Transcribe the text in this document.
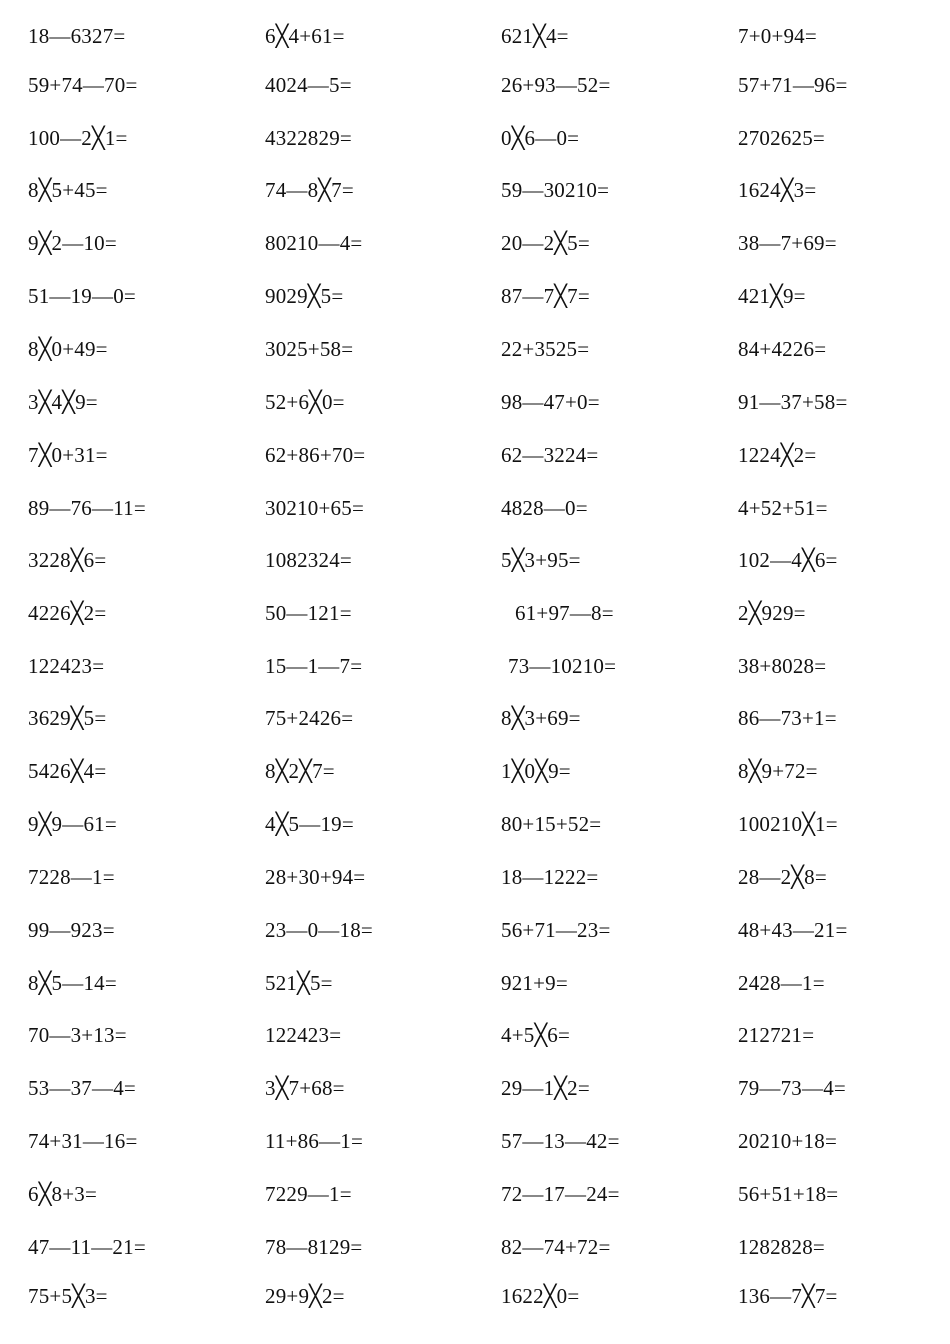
18—6327=	6╳4+61=	621╳4=	7+0+94=
59+74—70=	4024—5=	26+93—52=	57+71—96=
100—2╳1=	4322829=	0╳6—0=	2702625=
8╳5+45=	74—8╳7=	59—30210=	1624╳3=
9╳2—10=	80210—4=	20—2╳5=	38—7+69=
51—19—0=	9029╳5=	87—7╳7=	421╳9=
8╳0+49=	3025+58=	22+3525=	84+4226=
3╳4╳9=	52+6╳0=	98—47+0=	91—37+58=
7╳0+31=	62+86+70=	62—3224=	1224╳2=
89—76—11=	30210+65=	4828—0=	4+52+51=
3228╳6=	1082324=	5╳3+95=	102—4╳6=
4226╳2=	50—121=	61+97—8=	2╳929=
122423=	15—1—7=	73—10210=	38+8028=
3629╳5=	75+2426=	8╳3+69=	86—73+1=
5426╳4=	8╳2╳7=	1╳0╳9=	8╳9+72=
9╳9—61=	4╳5—19=	80+15+52=	100210╳1=
7228—1=	28+30+94=	18—1222=	28—2╳8=
99—923=	23—0—18=	56+71—23=	48+43—21=
8╳5—14=	521╳5=	921+9=	2428—1=
70—3+13=	122423=	4+5╳6=	212721=
53—37—4=	3╳7+68=	29—1╳2=	79—73—4=
74+31—16=	11+86—1=	57—13—42=	20210+18=
6╳8+3=	7229—1=	72—17—24=	56+51+18=
47—11—21=	78—8129=	82—74+72=	1282828=
75+5╳3=	29+9╳2=	1622╳0=	136—7╳7=
